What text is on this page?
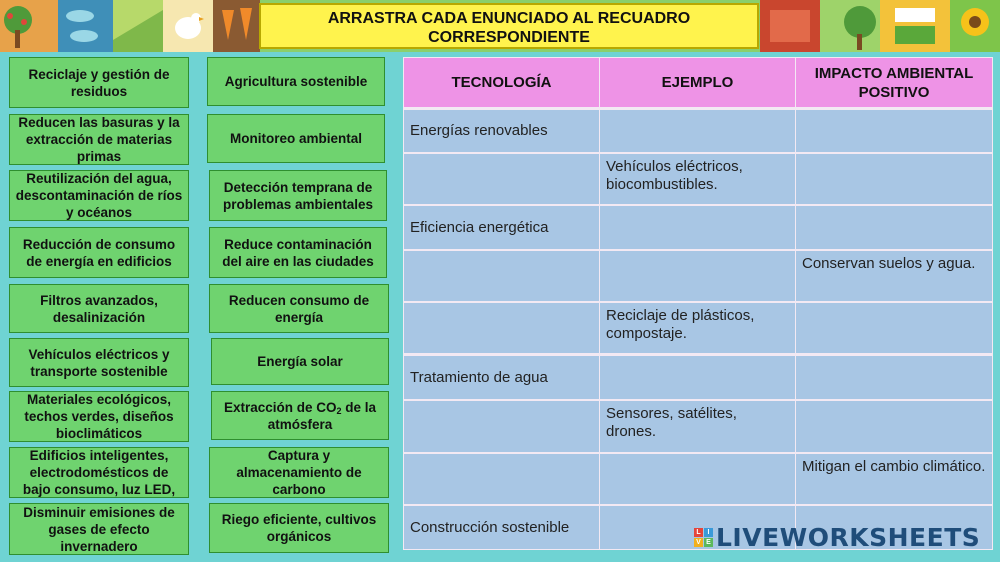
ARRASTRA CADA ENUNCIADO AL RECUADRO
CORRESPONDIENTE
Reciclaje y gestión de residuos
Reducen las basuras y la extracción de materias primas
Reutilización del agua, descontaminación de ríos y océanos
Reducción de consumo de energía en edificios
Filtros avanzados, desalinización
Vehículos eléctricos y transporte sostenible
Materiales ecológicos, techos verdes, diseños bioclimáticos
Edificios inteligentes, electrodomésticos de bajo consumo, luz LED,
Disminuir emisiones de gases de efecto invernadero
Agricultura sostenible
Monitoreo ambiental
Detección temprana de problemas ambientales
Reduce contaminación del aire en las ciudades
Reducen consumo de energía
Energía solar
Extracción de $CO_2$ de la atmósfera
Captura y almacenamiento de carbono
Riego eficiente, cultivos orgánicos
TECNOLOGÍA	EJEMPLO
IMPACTO AMBIENTAL POSITIVO
Energías renovables
Vehículos eléctricos, biocombustibles.
Eficiencia energética
Conservan suelos y agua.
Reciclaje de plásticos, compostaje.
Tratamiento de agua
Sensores, satélites, drones.
Mitigan el cambio climático.
Construcción sostenible	L I
V E LIVEWORKSHEETS
